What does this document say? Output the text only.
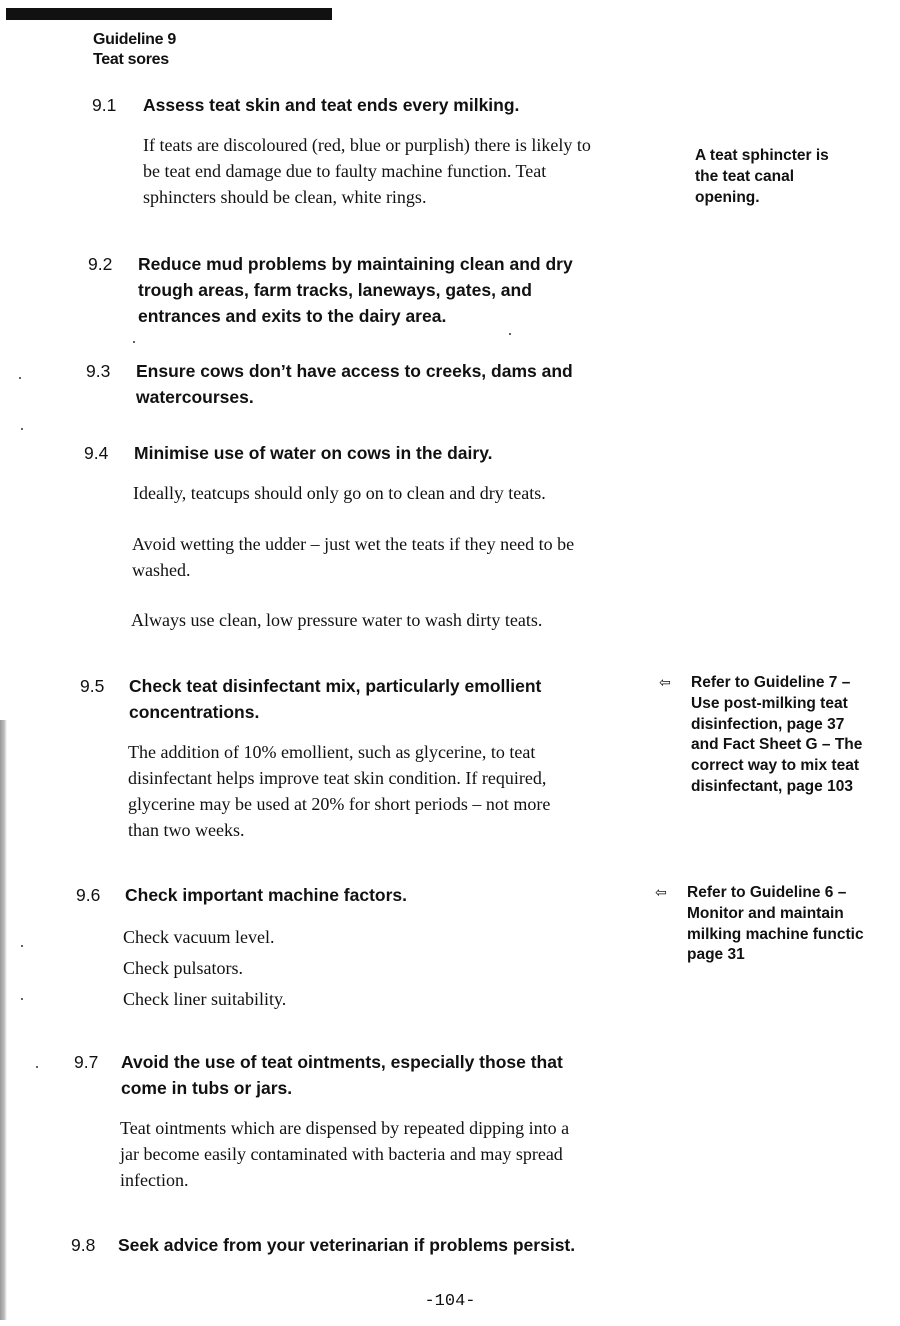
Guideline 9
Teat sores
9.1 Assess teat skin and teat ends every milking.
If teats are discoloured (red, blue or purplish) there is likely to
be teat end damage due to faulty machine function. Teat
sphincters should be clean, white rings.
9.2 Reduce mud problems by maintaining clean and dry
trough areas, farm tracks, laneways, gates, and
entrances and exits to the dairy area.
9.3 Ensure cows don’t have access to creeks, dams and
watercourses.
9.4 Minimise use of water on cows in the dairy.
Ideally, teatcups should only go on to clean and dry teats.
Avoid wetting the udder – just wet the teats if they need to be
washed.
Always use clean, low pressure water to wash dirty teats.
9.5 Check teat disinfectant mix, particularly emollient
concentrations.
The addition of 10% emollient, such as glycerine, to teat
disinfectant helps improve teat skin condition. If required,
glycerine may be used at 20% for short periods – not more
than two weeks.
9.6 Check important machine factors.
Check vacuum level.
Check pulsators.
Check liner suitability.
9.7 Avoid the use of teat ointments, especially those that
come in tubs or jars.
Teat ointments which are dispensed by repeated dipping into a
jar become easily contaminated with bacteria and may spread
infection.
9.8 Seek advice from your veterinarian if problems persist.
A teat sphincter is
the teat canal
opening.
⇦ Refer to Guideline 7 –
Use post-milking teat
disinfection, page 37
and Fact Sheet G – The
correct way to mix teat
disinfectant, page 103
⇦ Refer to Guideline 6 –
Monitor and maintain
milking machine functic
page 31
-104-
